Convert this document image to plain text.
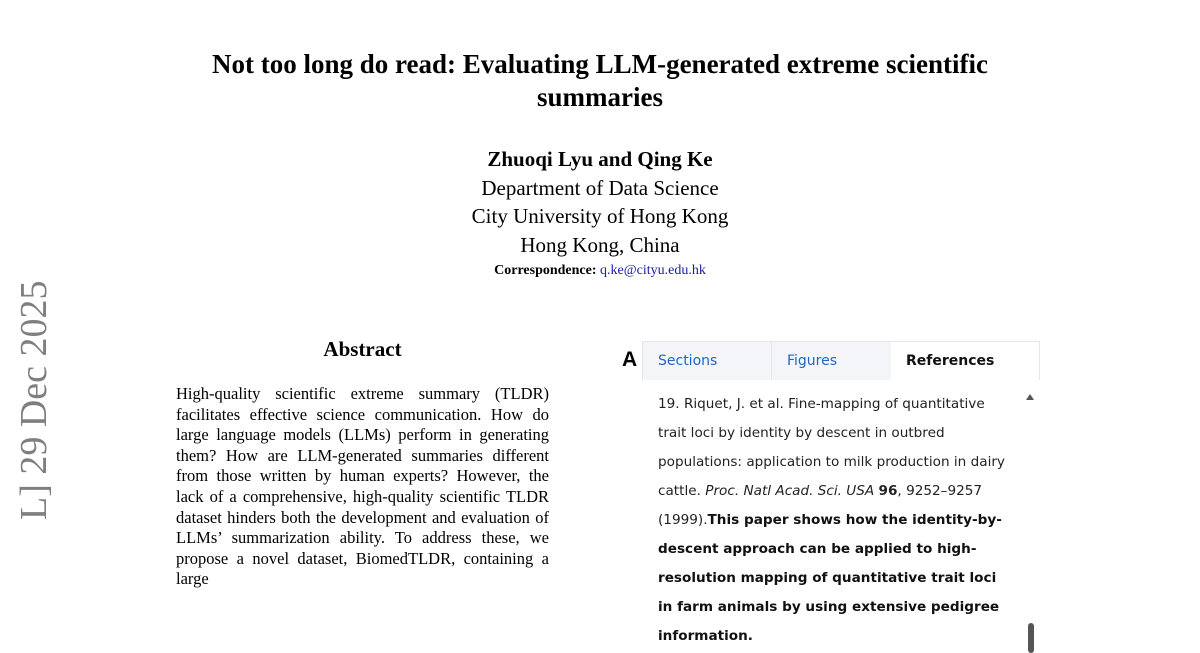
Not too long do read: Evaluating LLM-generated extreme scientific summaries
Zhuoqi Lyu and Qing Ke
Department of Data Science
City University of Hong Kong
Hong Kong, China
Correspondence: q.ke@cityu.edu.hk
L] 29 Dec 2025	Abstract
High-quality scientific extreme summary (TLDR) facilitates effective science communication. How do large language models (LLMs) perform in generating them? How are LLM-generated summaries different from those written by human experts? However, the lack of a comprehensive, high-quality scientific TLDR dataset hinders both the development and evaluation of LLMs’ summarization ability. To address these, we propose a novel dataset, BiomedTLDR, containing a large
A	Sections	Figures	References
19. Riquet, J. et al. Fine-mapping of quantitative trait loci by identity by descent in outbred populations: application to milk production in dairy cattle. Proc. Natl Acad. Sci. USA 96, 9252–9257 (1999).This paper shows how the identity-by-descent approach can be applied to high-resolution mapping of quantitative trait loci in farm animals by using extensive pedigree information.
